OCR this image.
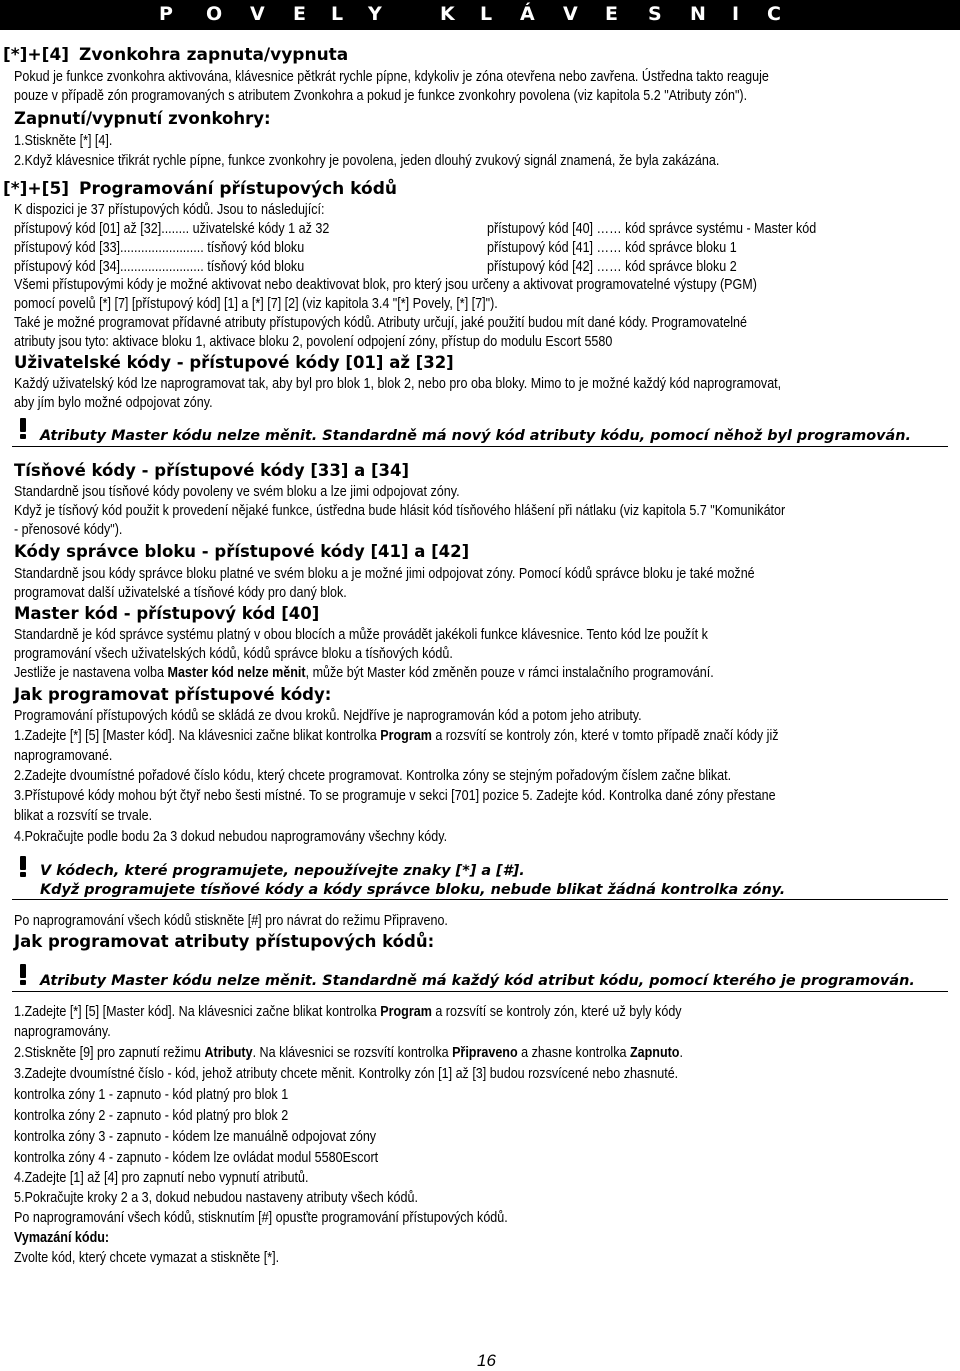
P O V E L Y	K L Á V E S N I C
[*]+[4] Zvonkohra zapnuta/vypnuta
Pokud je funkce zvonkohra aktivována, klávesnice pětkrát rychle pípne, kdykoliv je zóna otevřena nebo zavřena. Ústředna takto reaguje
pouze v případě zón programovaných s atributem Zvonkohra a pokud je funkce zvonkohry povolena (viz kapitola 5.2 "Atributy zón").
Zapnutí/vypnutí zvonkohry:
1.Stiskněte [*] [4].
2.Když klávesnice třikrát rychle pípne, funkce zvonkohry je povolena, jeden dlouhý zvukový signál znamená, že byla zakázána.
[*]+[5] Programování přístupových kódů
K dispozici je 37 přístupových kódů. Jsou to následující:
přístupový kód [01] až [32]........ uživatelské kódy 1 až 32	přístupový kód [40] …… kód správce systému - Master kód
přístupový kód [33]........................ tísňový kód bloku	přístupový kód [41] …… kód správce bloku 1
přístupový kód [34]........................ tísňový kód bloku	přístupový kód [42] …… kód správce bloku 2
Všemi přístupovými kódy je možné aktivovat nebo deaktivovat blok, pro který jsou určeny a aktivovat programovatelné výstupy (PGM)
pomocí povelů [*] [7] [přístupový kód] [1] a [*] [7] [2] (viz kapitola 3.4 "[*] Povely, [*] [7]").
Také je možné programovat přídavné atributy přístupových kódů. Atributy určují, jaké použití budou mít dané kódy. Programovatelné
atributy jsou tyto: aktivace bloku 1, aktivace bloku 2, povolení odpojení zóny, přístup do modulu Escort 5580
Uživatelské kódy - přístupové kódy [01] až [32]
Každý uživatelský kód lze naprogramovat tak, aby byl pro blok 1, blok 2, nebo pro oba bloky. Mimo to je možné každý kód naprogramovat,
aby jím bylo možné odpojovat zóny.
Atributy Master kódu nelze měnit. Standardně má nový kód atributy kódu, pomocí něhož byl programován.
Tísňové kódy - přístupové kódy [33] a [34]
Standardně jsou tísňové kódy povoleny ve svém bloku a lze jimi odpojovat zóny.
Když je tísňový kód použit k provedení nějaké funkce, ústředna bude hlásit kód tísňového hlášení při nátlaku (viz kapitola 5.7 "Komunikátor
- přenosové kódy").
Kódy správce bloku - přístupové kódy [41] a [42]
Standardně jsou kódy správce bloku platné ve svém bloku a je možné jimi odpojovat zóny. Pomocí kódů správce bloku je také možné
programovat další uživatelské a tísňové kódy pro daný blok.
Master kód - přístupový kód [40]
Standardně je kód správce systému platný v obou blocích a může provádět jakékoli funkce klávesnice. Tento kód lze použít k
programování všech uživatelských kódů, kódů správce bloku a tísňových kódů.
Jestliže je nastavena volba Master kód nelze měnit, může být Master kód změněn pouze v rámci instalačního programování.
Jak programovat přístupové kódy:
Programování přístupových kódů se skládá ze dvou kroků. Nejdříve je naprogramován kód a potom jeho atributy.
1.Zadejte [*] [5] [Master kód]. Na klávesnici začne blikat kontrolka Program a rozsvítí se kontroly zón, které v tomto případě značí kódy již
naprogramované.
2.Zadejte dvoumístné pořadové číslo kódu, který chcete programovat. Kontrolka zóny se stejným pořadovým číslem začne blikat.
3.Přístupové kódy mohou být čtyř nebo šesti místné. To se programuje v sekci [701] pozice 5. Zadejte kód. Kontrolka dané zóny přestane
blikat a rozsvítí se trvale.
4.Pokračujte podle bodu 2a 3 dokud nebudou naprogramovány všechny kódy.
V kódech, které programujete, nepoužívejte znaky [*] a [#].
Když programujete tísňové kódy a kódy správce bloku, nebude blikat žádná kontrolka zóny.
Po naprogramování všech kódů stiskněte [#] pro návrat do režimu Připraveno.
Jak programovat atributy přístupových kódů:
Atributy Master kódu nelze měnit. Standardně má každý kód atribut kódu, pomocí kterého je programován.
1.Zadejte [*] [5] [Master kód]. Na klávesnici začne blikat kontrolka Program a rozsvítí se kontroly zón, které už byly kódy
naprogramovány.
2.Stiskněte [9] pro zapnutí režimu Atributy. Na klávesnici se rozsvítí kontrolka Připraveno a zhasne kontrolka Zapnuto.
3.Zadejte dvoumístné číslo - kód, jehož atributy chcete měnit. Kontrolky zón [1] až [3] budou rozsvícené nebo zhasnuté.
kontrolka zóny 1 - zapnuto - kód platný pro blok 1
kontrolka zóny 2 - zapnuto - kód platný pro blok 2
kontrolka zóny 3 - zapnuto - kódem lze manuálně odpojovat zóny
kontrolka zóny 4 - zapnuto - kódem lze ovládat modul 5580Escort
4.Zadejte [1] až [4] pro zapnutí nebo vypnutí atributů.
5.Pokračujte kroky 2 a 3, dokud nebudou nastaveny atributy všech kódů.
Po naprogramování všech kódů, stisknutím [#] opusťte programování přístupových kódů.
Vymazání kódu:
Zvolte kód, který chcete vymazat a stiskněte [*].
16
